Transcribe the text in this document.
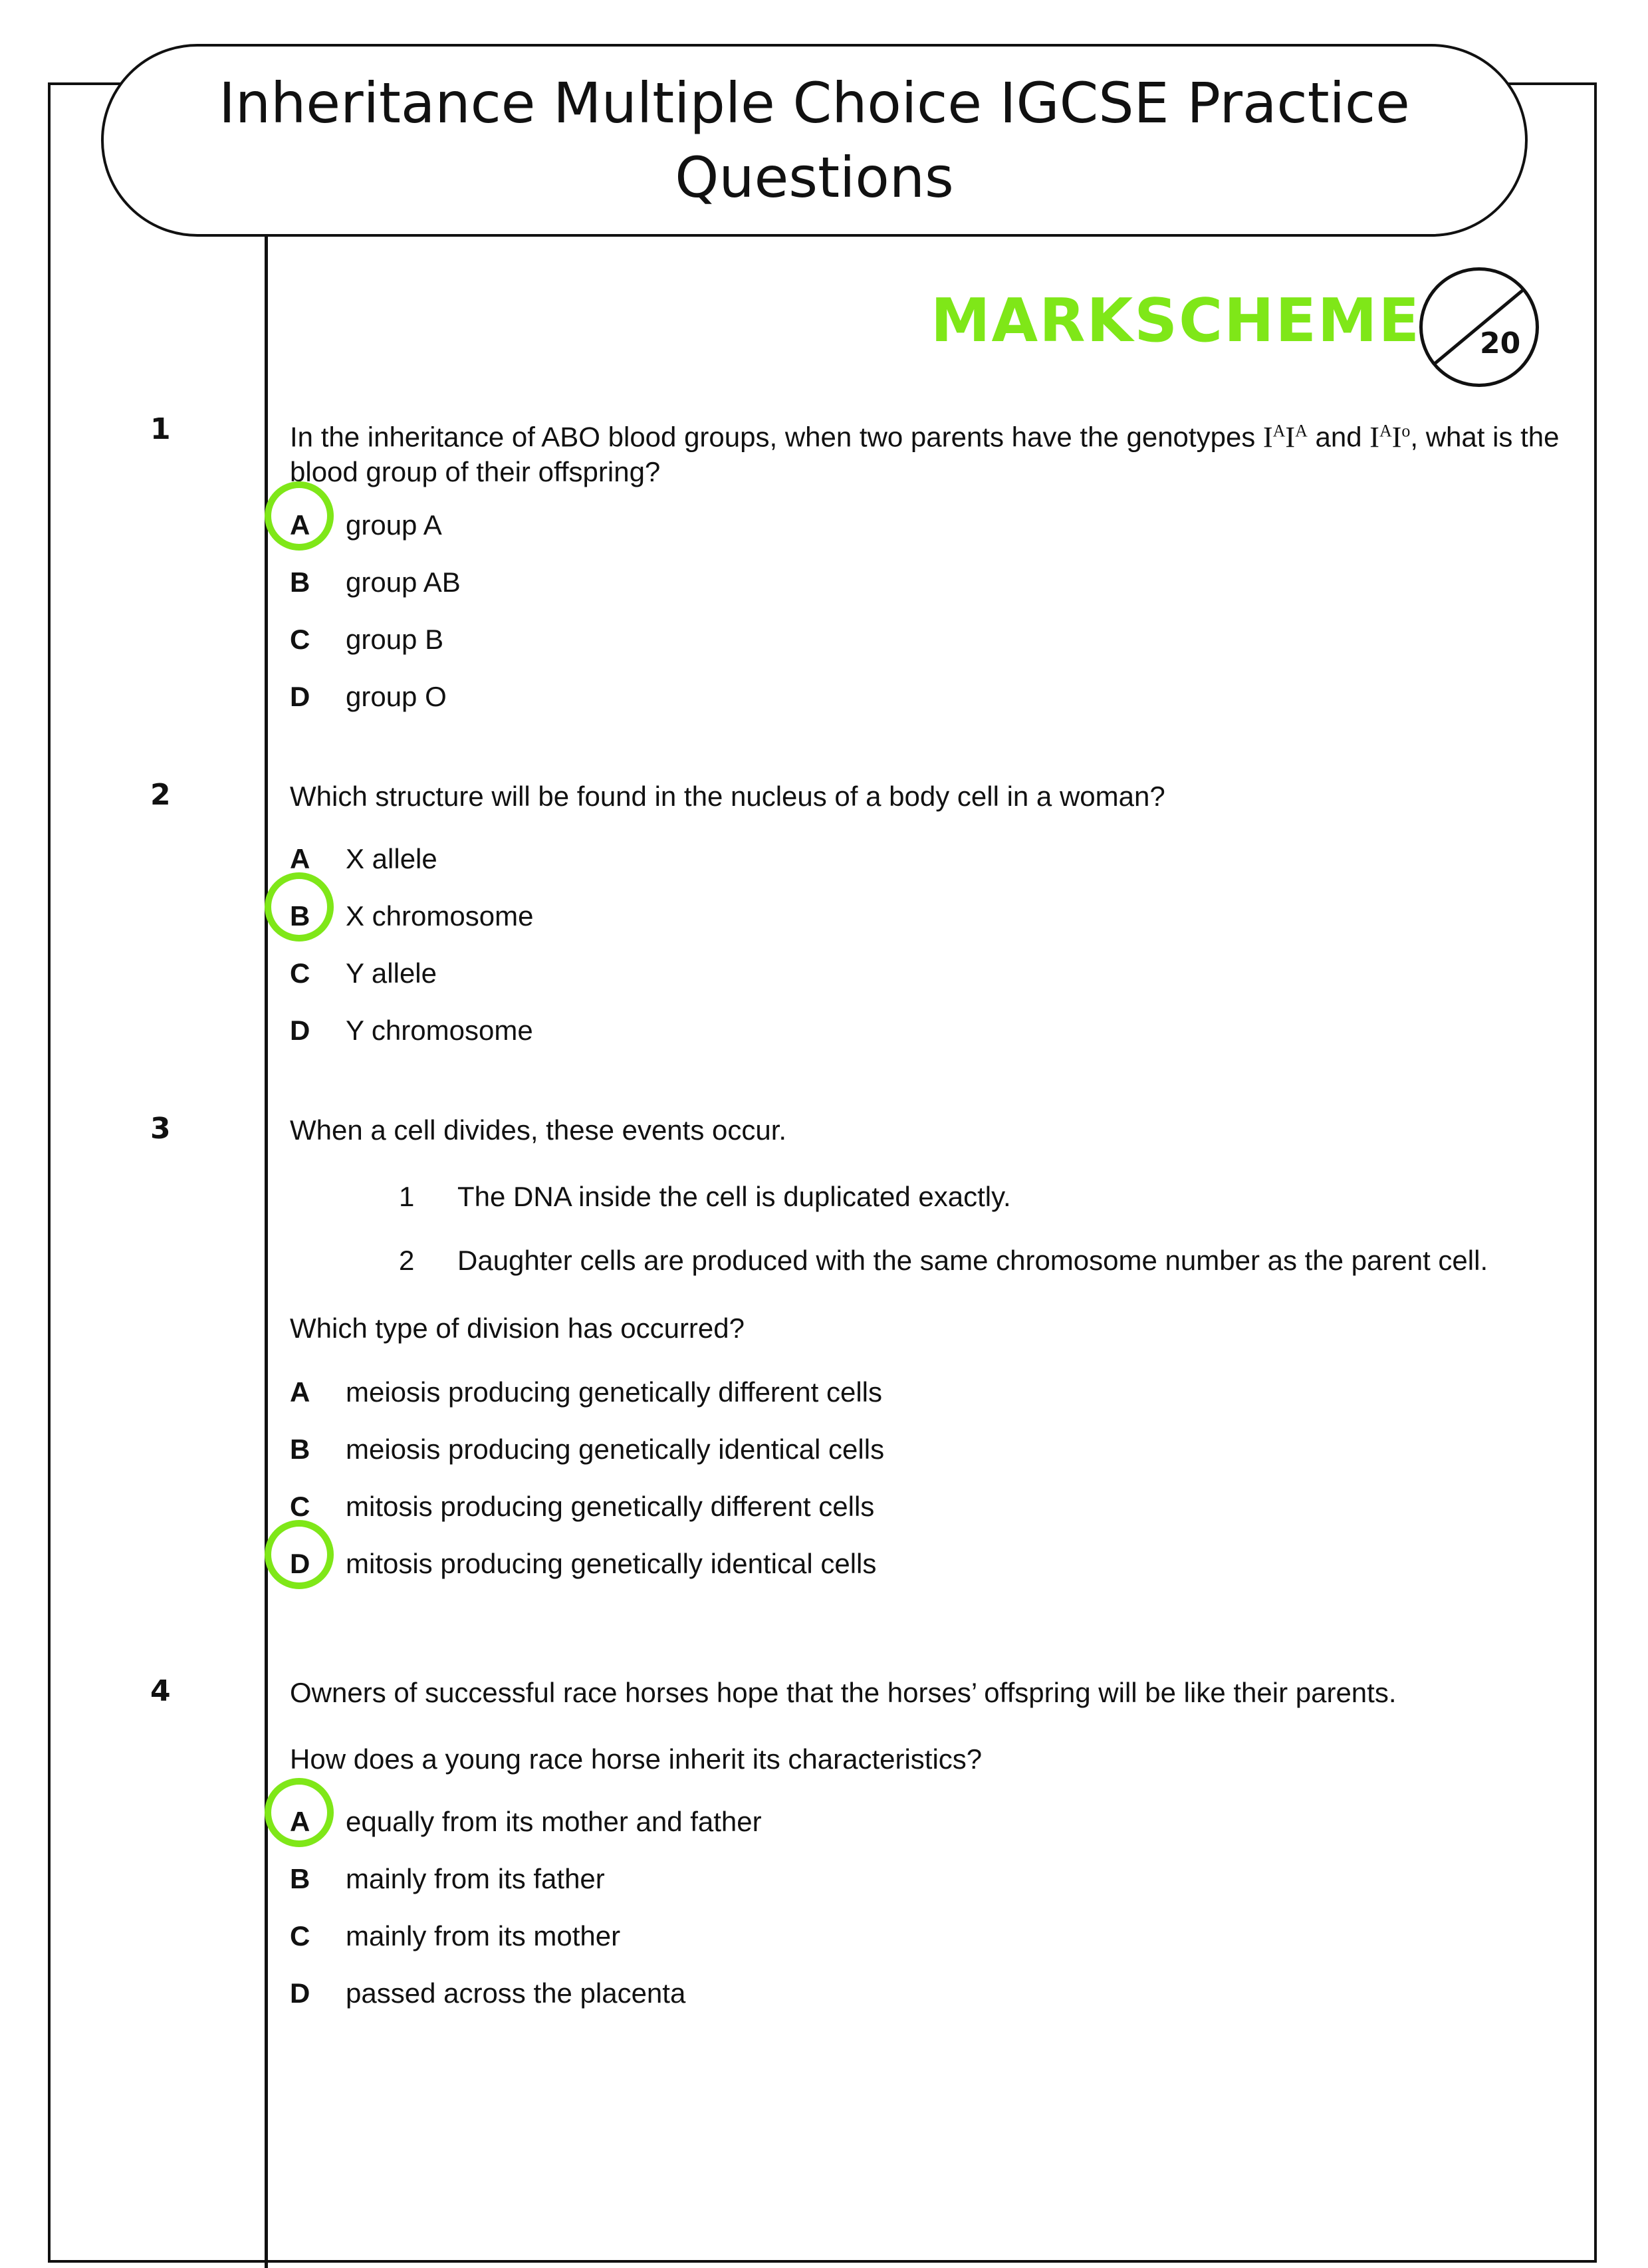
Inheritance Multiple Choice IGCSE Practice Questions
MARKSCHEME 20
1	In the inheritance of ABO blood groups, when two parents have the genotypes $I^AI^A$ and $I^AI^o$, what is the blood group of their offspring?
A	group A
B	group AB
C	group B
D	group O
2	Which structure will be found in the nucleus of a body cell in a woman?
A	X allele
B	X chromosome
C	Y allele
D	Y chromosome
3	When a cell divides, these events occur.
1	The DNA inside the cell is duplicated exactly.
2	Daughter cells are produced with the same chromosome number as the parent cell.
Which type of division has occurred?
A	meiosis producing genetically different cells
B	meiosis producing genetically identical cells
C	mitosis producing genetically different cells
D	mitosis producing genetically identical cells
4	Owners of successful race horses hope that the horses’ offspring will be like their parents.
How does a young race horse inherit its characteristics?
A	equally from its mother and father
B	mainly from its father
C	mainly from its mother
D	passed across the placenta
